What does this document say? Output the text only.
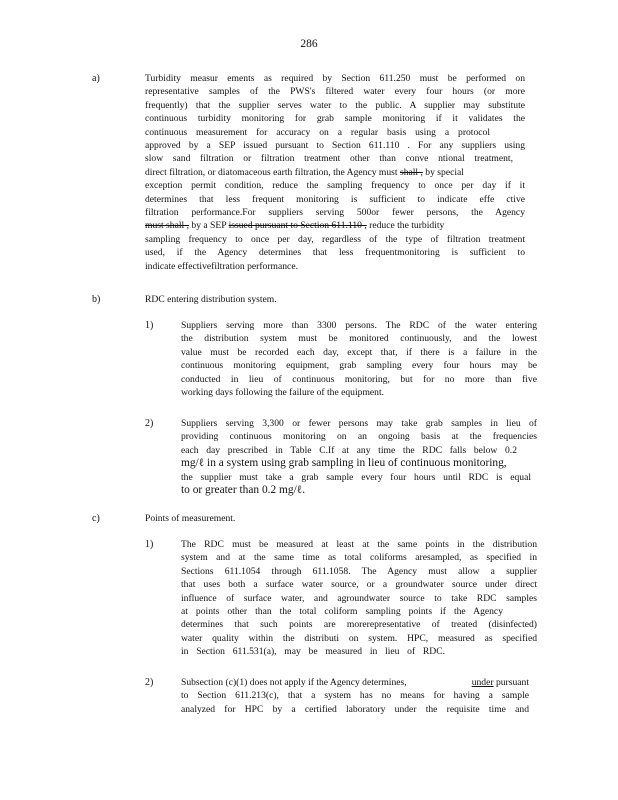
286
a)	Turbidity measur ements as required by Section 611.250 must be performed on
representative samples of the PWS's filtered water every four hours (or more
frequently) that the supplier serves water to the public. A supplier may substitute
continuous turbidity monitoring for grab sample monitoring if it validates the
continuous measurement for accuracy on a regular basis using a protocol
approved by a SEP issued pursuant to Section 611.110 . For any suppliers using
slow sand filtration or filtration treatment other than conve ntional treatment,
direct filtration, or diatomaceous earth filtration, the Agency must shall , by special
exception permit condition, reduce the sampling frequency to once per day if it
determines that less frequent monitoring is sufficient to indicate effe ctive
filtration performance.For suppliers serving 500or fewer persons, the Agency
must shall , by a SEP issued pursuant to Section 611.110 , reduce the turbidity
sampling frequency to once per day, regardless of the type of filtration treatment
used, if the Agency determines that less frequentmonitoring is sufficient to
indicate effectivefiltration performance.
b)	RDC entering distribution system.
1)	Suppliers serving more than 3300 persons. The RDC of the water entering
the distribution system must be monitored continuously, and the lowest
value must be recorded each day, except that, if there is a failure in the
continuous monitoring equipment, grab sampling every four hours may be
conducted in lieu of continuous monitoring, but for no more than five
working days following the failure of the equipment.
2)	Suppliers serving 3,300 or fewer persons may take grab samples in lieu of
providing continuous monitoring on an ongoing basis at the frequencies
each day prescribed in Table C.If at any time the RDC falls below 0.2
mg/ℓ in a system using grab sampling in lieu of continuous monitoring,
the supplier must take a grab sample every four hours until RDC is equal
to or greater than 0.2 mg/ℓ.
c)	Points of measurement.
1)	The RDC must be measured at least at the same points in the distribution
system and at the same time as total coliforms aresampled, as specified in
Sections 611.1054 through 611.1058. The Agency must allow a supplier
that uses both a surface water source, or a groundwater source under direct
influence of surface water, and agroundwater source to take RDC samples
at points other than the total coliform sampling points if the Agency
determines that such points are morerepresentative of treated (disinfected)
water quality within the distributi on system. HPC, measured as specified
in Section 611.531(a), may be measured in lieu of RDC.
2)	Subsection (c)(1) does not apply if the Agency determines,	under pursuant
to Section 611.213(c), that a system has no means for having a sample
analyzed for HPC by a certified laboratory under the requisite time and
